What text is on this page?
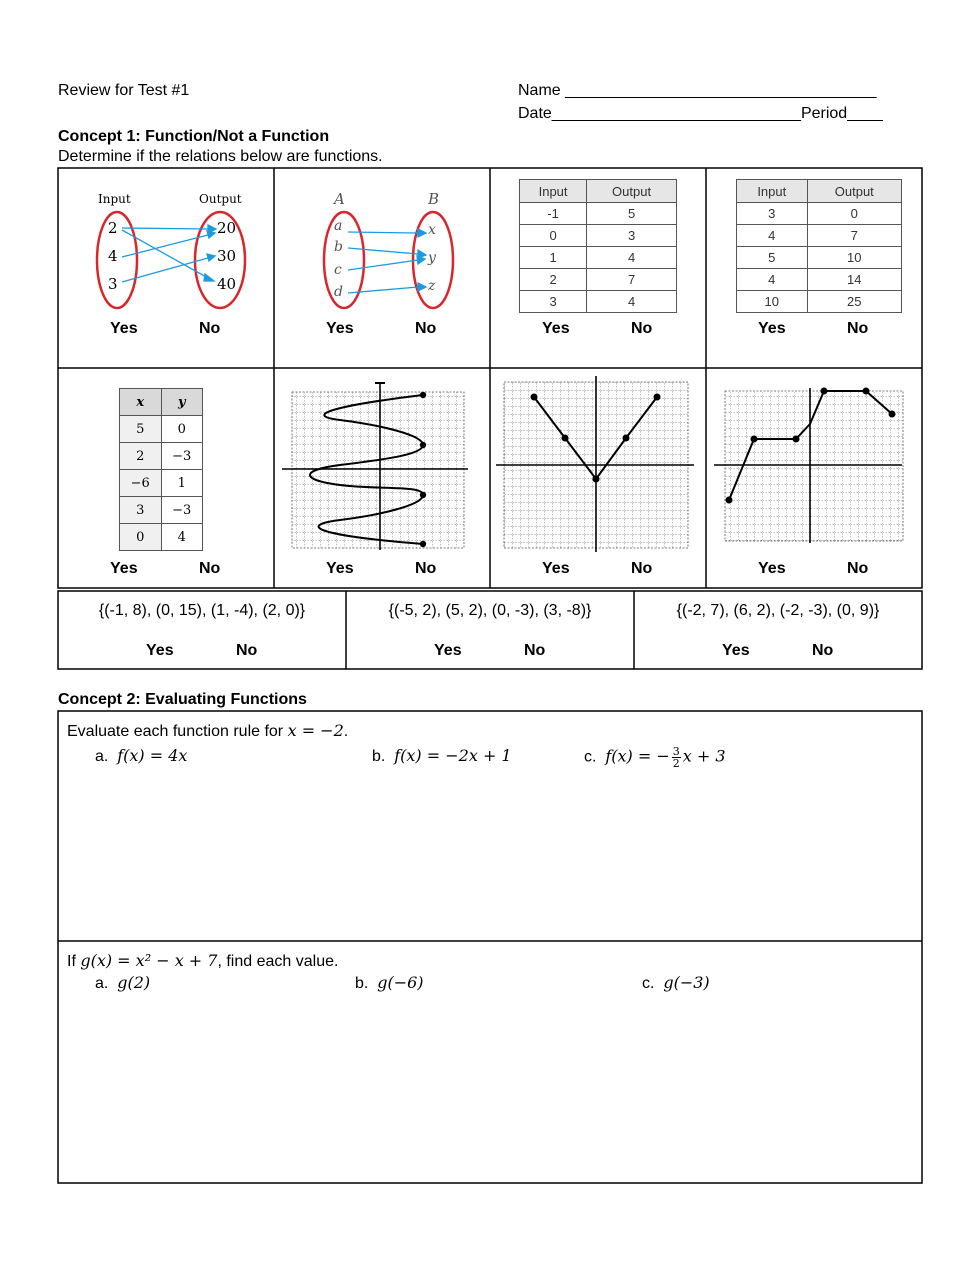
Review for Test #1	Name ___________________________________
Date____________________________Period____
Concept 1: Function/Not a Function
Determine if the relations below are functions.
Input	Output
2
4
3
20
30
40
A	B
a
b
c
d
x
y
z
Input	Output
-1	5
0	3
1	4
2	7
3	4
Input	Output
3	0
4	7
5	10
4	14
10	25
Yes	No	Yes	No	Yes	No	Yes	No
x	y
5	0
2	−3
−6	1
3	−3
0	4
Yes	No	Yes	No	Yes	No	Yes	No
{(-1, 8), (0, 15), (1, -4), (2, 0)}	{(-5, 2), (5, 2), (0, -3), (3, -8)}	{(-2, 7), (6, 2), (-2, -3), (0, 9)}
Yes	No	Yes	No	Yes	No
Concept 2: Evaluating Functions
Evaluate each function rule for x = −2.
a. f(x) = 4x	b. f(x) = −2x + 1	c. f(x) = − $\frac{3}{2}$ x + 3
If g(x) = x² − x + 7, find each value.
a. g(2)	b. g(−6)	c. g(−3)
